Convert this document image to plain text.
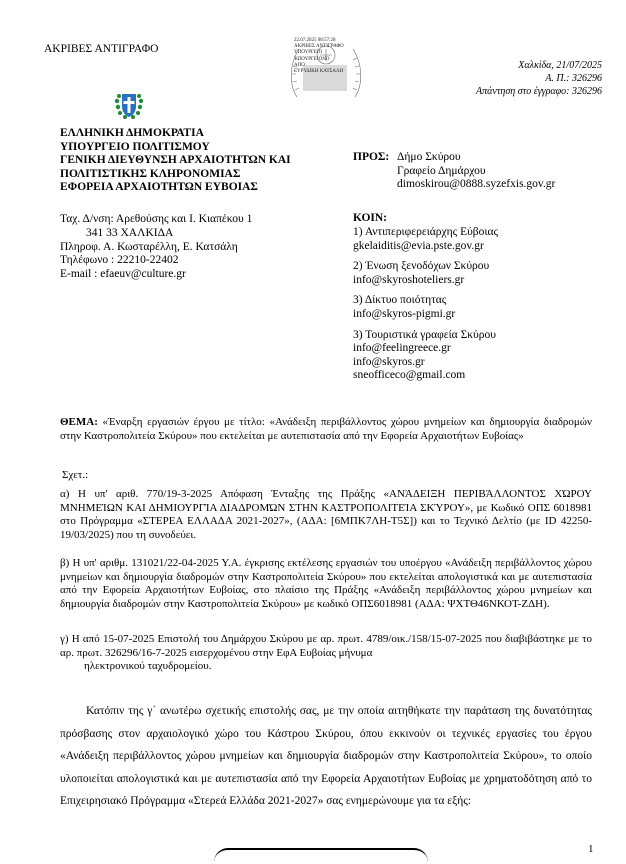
ΑΚΡΙΒΕΣ ΑΝΤΙΓΡΑΦΟ
22.07.2025 08:57:28
ΑΚΡΙΒΕΣ ΑΝΤΙΓΡΑΦΟ
ΥΠΟΥΡΓΕΙΟ
ΥΠΟΥΡΓΕΙΟΝΟ
ΑΠΟ
ΕΥΡΥΔΙΚΗ ΚΑΤΣΑΛΗ
Χαλκίδα, 21/07/2025
Α. Π.: 326296
Απάντηση στο έγγραφο: 326296
ΕΛΛΗΝΙΚΗ ΔΗΜΟΚΡΑΤΙΑ
ΥΠΟΥΡΓΕΙΟ ΠΟΛΙΤΙΣΜΟΥ
ΓΕΝΙΚΗ ΔΙΕΥΘΥΝΣΗ ΑΡΧΑΙΟΤΗΤΩΝ ΚΑΙ
ΠΟΛΙΤΙΣΤΙΚΗΣ ΚΛΗΡΟΝΟΜΙΑΣ
ΕΦΟΡΕΙΑ ΑΡΧΑΙΟΤΗΤΩΝ ΕΥΒΟΙΑΣ
Ταχ. Δ/νση: Αρεθούσης και Ι. Κιαπέκου 1
341 33 ΧΑΛΚΙΔΑ
Πληροφ. Α. Κωσταρέλλη, Ε. Κατσάλη
Τηλέφωνο : 22210-22402
E-mail : efaeuv@culture.gr
ΠΡΟΣ: Δήμο Σκύρου
Γραφείο Δημάρχου
dimoskirou@0888.syzefxis.gov.gr
ΚΟΙΝ:
1) Αντιπεριφερειάρχης Εύβοιας
gkelaiditis@evia.pste.gov.gr
2) Ένωση ξενοδόχων Σκύρου
info@skyroshoteliers.gr
3) Δίκτυο ποιότητας
info@skyros-pigmi.gr
3) Τουριστικά γραφεία Σκύρου
info@feelingreece.gr
info@skyros.gr
sneofficeco@gmail.com
ΘΕΜΑ: «Έναρξη εργασιών έργου με τίτλο: «Ανάδειξη περιβάλλοντος χώρου μνημείων και δημιουργία διαδρομών στην Καστροπολιτεία Σκύρου» που εκτελείται με αυτεπιστασία από την Εφορεία Αρχαιοτήτων Ευβοίας»
Σχετ.:
α) Η υπ' αριθ. 770/19-3-2025 Απόφαση Ένταξης της Πράξης «ΑΝΆΔΕΙΞΗ ΠΕΡΙΒΆΛΛΟΝΤΟΣ ΧΏΡΟΥ ΜΝΗΜΕΊΩΝ ΚΑΙ ΔΗΜΙΟΥΡΓΊΑ ΔΙΑΔΡΟΜΏΝ ΣΤΗΝ ΚΑΣΤΡΟΠΟΛΙΤΕΊΑ ΣΚΎΡΟΥ», με Κωδικό ΟΠΣ 6018981 στο Πρόγραμμα «ΣΤΕΡΕΑ ΕΛΛΑΔΑ 2021-2027», (ΑΔΑ: [6ΜΠΚ7ΛΗ-Τ5Σ]) και το Τεχνικό Δελτίο (με ID 42250-19/03/2025) που τη συνοδεύει.
β) Η υπ' αριθμ. 131021/22-04-2025 Υ.Α. έγκρισης εκτέλεσης εργασιών του υποέργου «Ανάδειξη περιβάλλοντος χώρου μνημείων και δημιουργία διαδρομών στην Καστροπολιτεία Σκύρου» που εκτελείται απολογιστικά και με αυτεπιστασία από την Εφορεία Αρχαιοτήτων Ευβοίας, στο πλαίσιο της Πράξης «Ανάδειξη περιβάλλοντος χώρου μνημείων και δημιουργία διαδρομών στην Καστροπολιτεία Σκύρου» με κωδικό ΟΠΣ6018981 (ΑΔΑ: ΨΧΤΘ46ΝΚΟΤ-ΖΔΗ).
γ) Η από 15-07-2025 Επιστολή του Δημάρχου Σκύρου με αρ. πρωτ. 4789/οικ./158/15-07-2025 που διαβιβάστηκε με το αρ. πρωτ. 326296/16-7-2025 εισερχομένου στην ΕφΑ Ευβοίας μήνυμα
ηλεκτρονικού ταχυδρομείου.
Κατόπιν της γ΄ ανωτέρω σχετικής επιστολής σας, με την οποία αιτηθήκατε την παράταση της δυνατότητας πρόσβασης στον αρχαιολογικό χώρο του Κάστρου Σκύρου, όπου εκκινούν οι τεχνικές εργασίες του έργου «Ανάδειξη περιβάλλοντος χώρου μνημείων και δημιουργία διαδρομών στην Καστροπολιτεία Σκύρου», το οποίο υλοποιείται απολογιστικά και με αυτεπιστασία από την Εφορεία Αρχαιοτήτων Ευβοίας με χρηματοδότηση από το Επιχειρησιακό Πρόγραμμα «Στερεά Ελλάδα 2021-2027» σας ενημερώνουμε για τα εξής:
1
